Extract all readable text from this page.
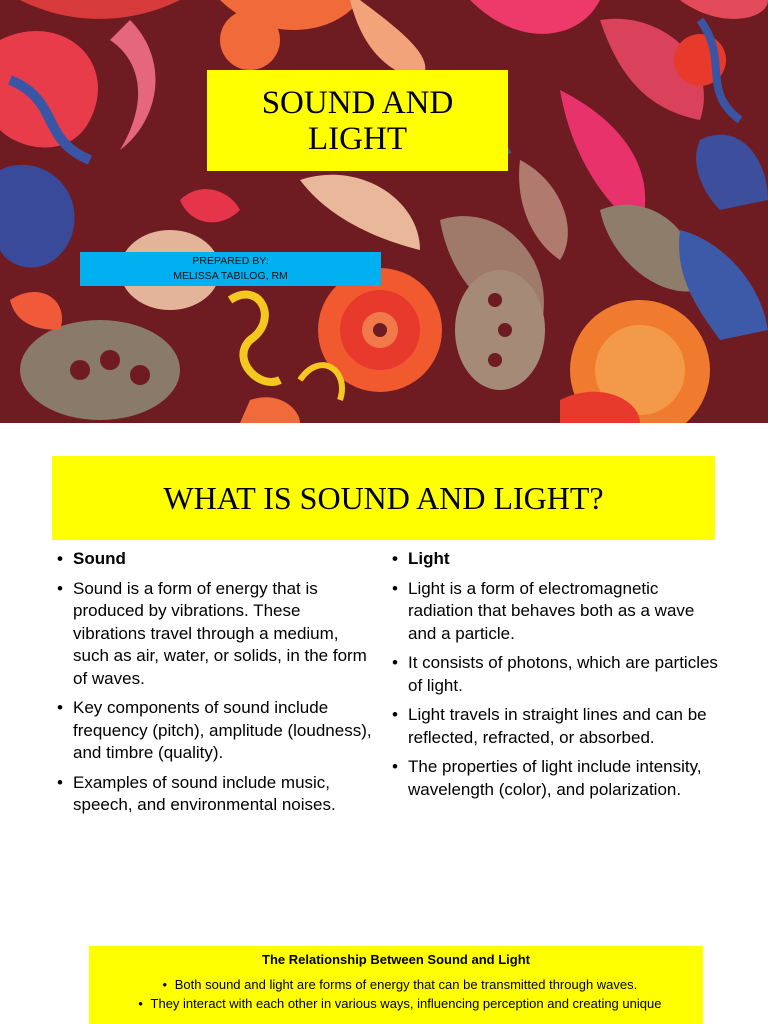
SOUND AND LIGHT
PREPARED BY:
MELISSA TABILOG, RM
WHAT IS SOUND AND LIGHT?
• Sound
• Sound is a form of energy that is produced by vibrations. These vibrations travel through a medium, such as air, water, or solids, in the form of waves.
• Key components of sound include frequency (pitch), amplitude (loudness), and timbre (quality).
• Examples of sound include music, speech, and environmental noises.
• Light
• Light is a form of electromagnetic radiation that behaves both as a wave and a particle.
• It consists of photons, which are particles of light.
• Light travels in straight lines and can be reflected, refracted, or absorbed.
• The properties of light include intensity, wavelength (color), and polarization.
The Relationship Between Sound and Light
• Both sound and light are forms of energy that can be transmitted through waves.
• They interact with each other in various ways, influencing perception and creating unique
